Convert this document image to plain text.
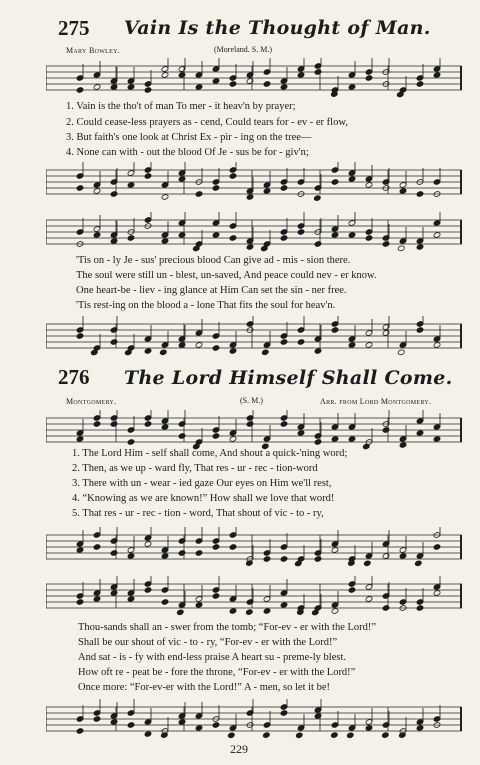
275 Vain Is the Thought of Man.
Mary Bowley.	(Moreland. S. M.)
1. Vain is the tho't of man To mer - it heav'n by prayer;
2. Could cease-less prayers as - cend, Could tears for - ev - er flow,
3. But faith's one look at Christ Ex - pir - ing on the tree—
4. None can with - out the blood Of Je - sus be for - giv'n;
'Tis on - ly Je - sus' precious blood Can give ad - mis - sion there.
The soul were still un - blest, un-saved, And peace could nev - er know.
One heart-be - liev - ing glance at Him Can set the sin - ner free.
'Tis rest-ing on the blood a - lone That fits the soul for heav'n.
276 The Lord Himself Shall Come.
Montgomery.	(S. M.)	Arr. from Lord Montgomery.
1. The Lord Him - self shall come, And shout a quick-'ning word;
2. Then, as we up - ward fly, That res - ur - rec - tion-word
3. There with un - wear - ied gaze Our eyes on Him we'll rest,
4. “Knowing as we are known!” How shall we love that word!
5. That res - ur - rec - tion - word, That shout of vic - to - ry,
Thou-sands shall an - swer from the tomb; “For-ev - er with the Lord!”
Shall be our shout of vic - to - ry, “For-ev - er with the Lord!”
And sat - is - fy with end-less praise A heart su - preme-ly blest.
How oft re - peat be - fore the throne, “For-ev - er with the Lord!”
Once more: “For-ev-er with the Lord!” A - men, so let it be!
229
